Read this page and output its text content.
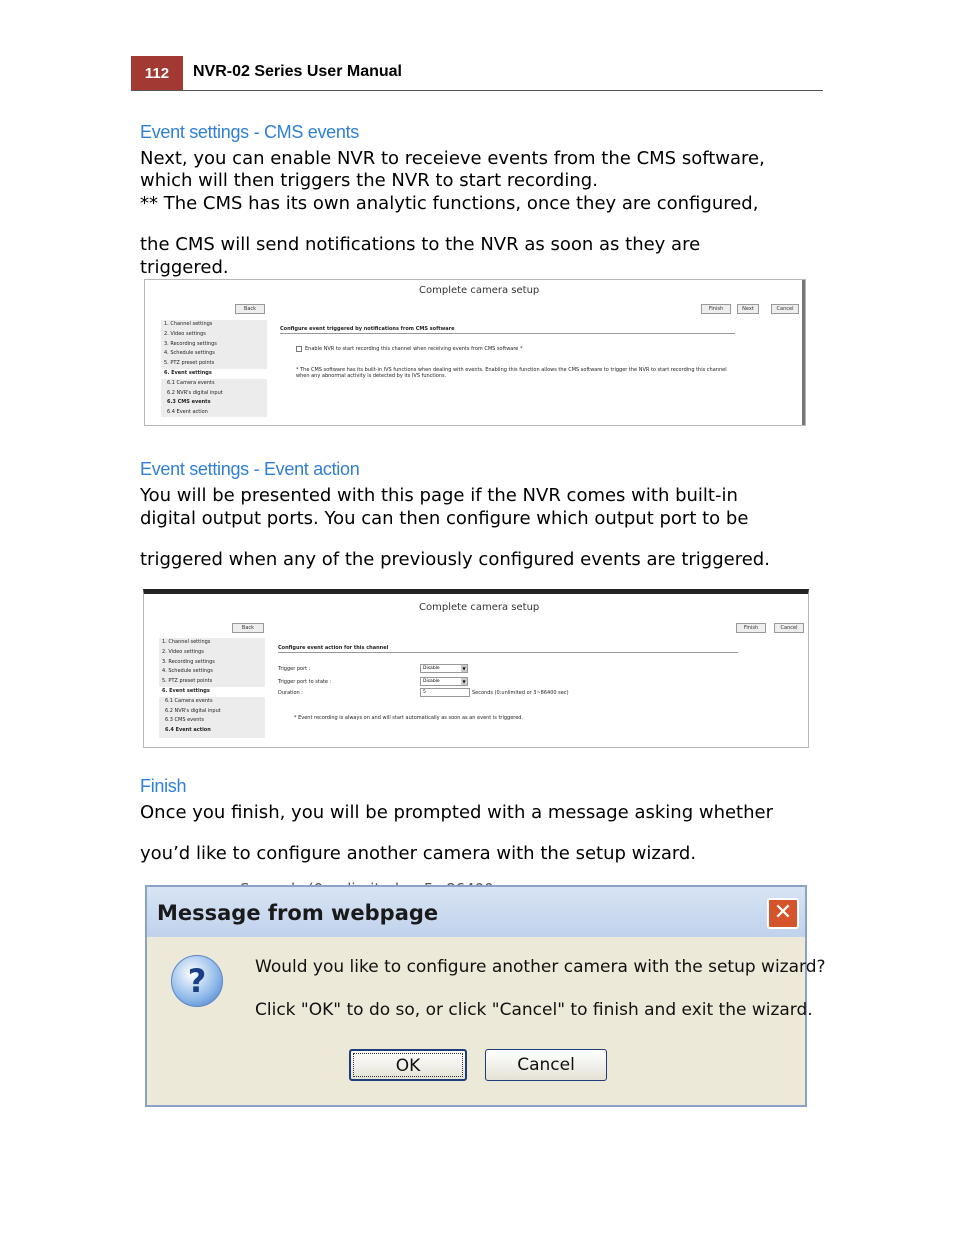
112	NVR-02 Series User Manual
Event settings - CMS events
Next, you can enable NVR to receieve events from the CMS software,
which will then triggers the NVR to start recording.
** The CMS has its own analytic functions, once they are configured,
the CMS will send notifications to the NVR as soon as they are
triggered.
Complete camera setup
Back	Finish	Next	Cancel
1. Channel settings
2. Video settings
3. Recording settings
4. Schedule settings
5. PTZ preset points
6. Event settings
6.1 Camera events
6.2 NVR's digital input
6.3 CMS events
6.4 Event action
Configure event triggered by notifications from CMS software
Enable NVR to start recording this channel when receiving events from CMS software *
* The CMS software has its built-in IVS functions when dealing with events. Enabling this function allows the CMS software to trigger the NVR to start recording this channel
when any abnormal activity is detected by its IVS functions.
Event settings - Event action
You will be presented with this page if the NVR comes with built-in
digital output ports. You can then configure which output port to be
triggered when any of the previously configured events are triggered.
Complete camera setup
Back	Finish	Cancel
1. Channel settings
2. Video settings
3. Recording settings
4. Schedule settings
5. PTZ preset points
6. Event settings
6.1 Camera events
6.2 NVR's digital input
6.3 CMS events
6.4 Event action
Configure event action for this channel
Trigger port :	Disable	▼
Trigger port to state :	Disable	▼
Duration :	5	Seconds (0:unlimited or 3~86400 sec)
* Event recording is always on and will start automatically as soon as an event is triggered.
Finish
Once you finish, you will be prompted with a message asking whether
you’d like to configure another camera with the setup wizard.
Message from webpage	✕
?	Would you like to configure another camera with the setup wizard?
Click "OK" to do so, or click "Cancel" to finish and exit the wizard.
OK	Cancel
